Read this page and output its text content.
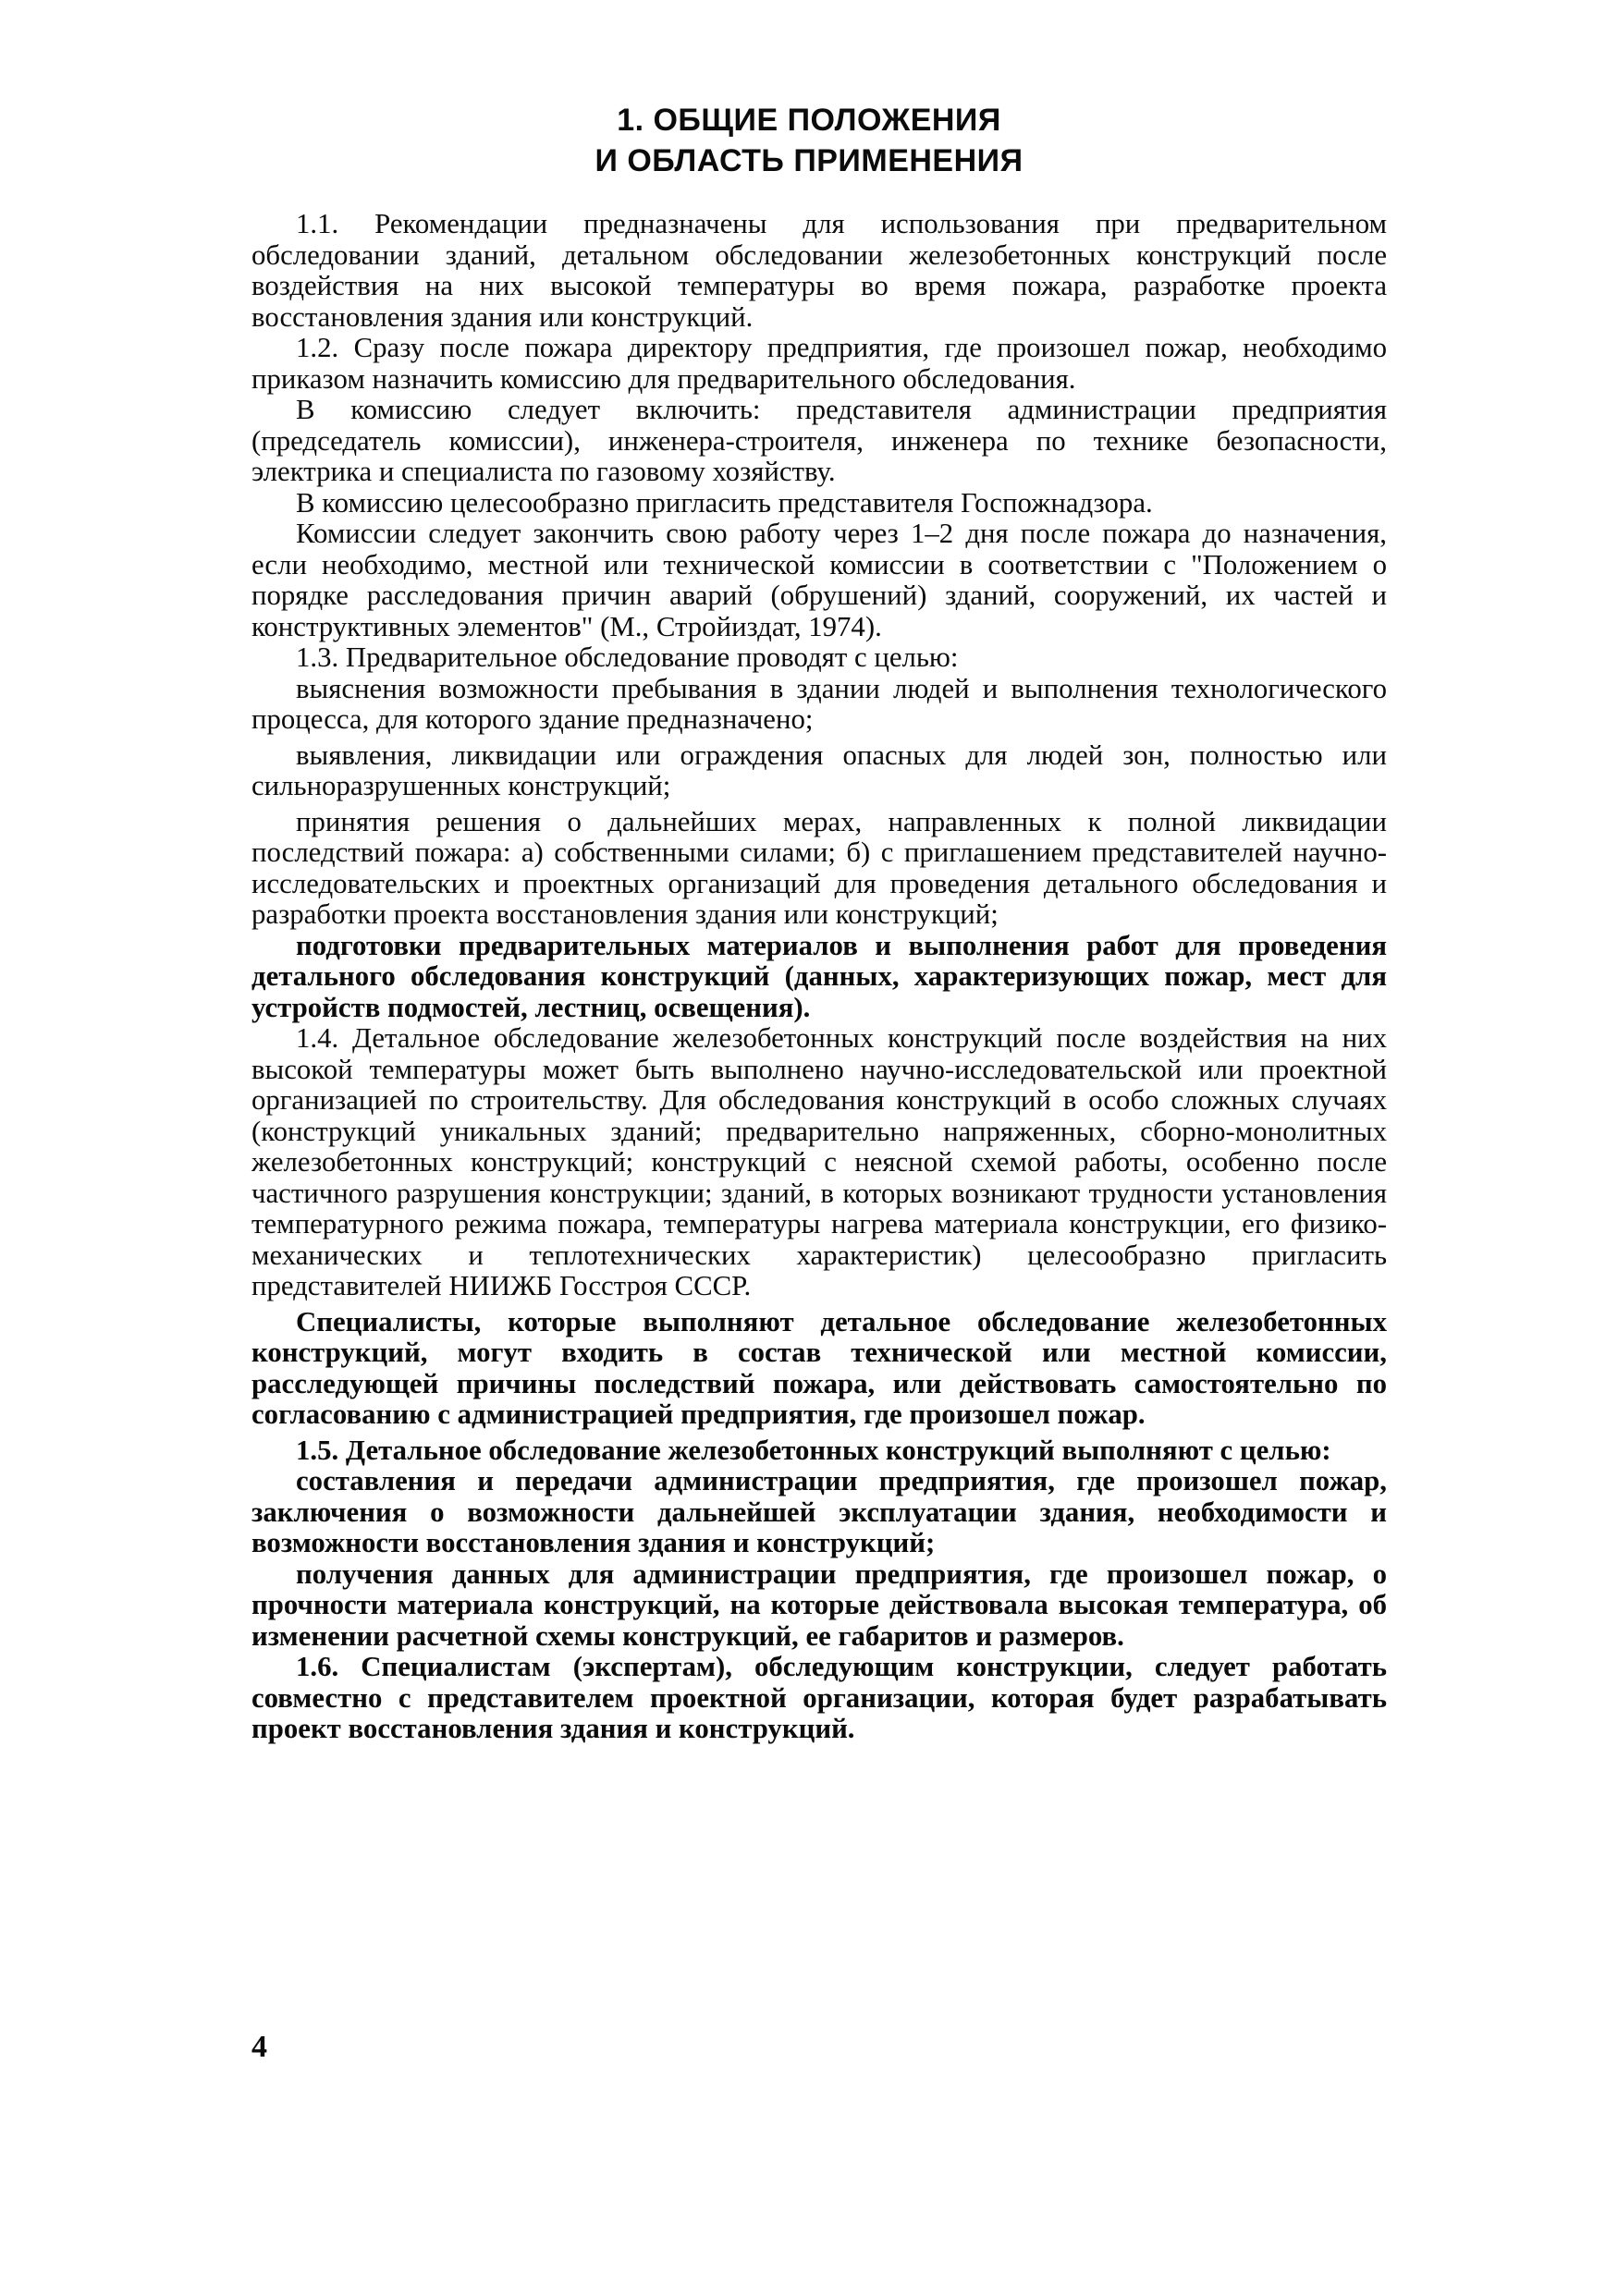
1. ОБЩИЕ ПОЛОЖЕНИЯ
И ОБЛАСТЬ ПРИМЕНЕНИЯ

1.1. Рекомендации предназначены для использования при предварительном обследовании зданий, детальном обследовании железобетонных конструкций после воздействия на них высокой температуры во время пожара, разработке проекта восстановления здания или конструкций.

1.2. Сразу после пожара директору предприятия, где произошел пожар, необходимо приказом назначить комиссию для предварительного обследования.

В комиссию следует включить: представителя администрации предприятия (председатель комиссии), инженера-строителя, инженера по технике безопасности, электрика и специалиста по газовому хозяйству.

В комиссию целесообразно пригласить представителя Госпожнадзора.

Комиссии следует закончить свою работу через 1–2 дня после пожара до назначения, если необходимо, местной или технической комиссии в соответствии с "Положением о порядке расследования причин аварий (обрушений) зданий, сооружений, их частей и конструктивных элементов" (М., Стройиздат, 1974).

1.3. Предварительное обследование проводят с целью:

выяснения возможности пребывания в здании людей и выполнения технологического процесса, для которого здание предназначено;

выявления, ликвидации или ограждения опасных для людей зон, полностью или сильноразрушенных конструкций;

принятия решения о дальнейших мерах, направленных к полной ликвидации последствий пожара: а) собственными силами; б) с приглашением представителей научно-исследовательских и проектных организаций для проведения детального обследования и разработки проекта восстановления здания или конструкций;

подготовки предварительных материалов и выполнения работ для проведения детального обследования конструкций (данных, характеризующих пожар, мест для устройств подмостей, лестниц, освещения).

1.4. Детальное обследование железобетонных конструкций после воздействия на них высокой температуры может быть выполнено научно-исследовательской или проектной организацией по строительству. Для обследования конструкций в особо сложных случаях (конструкций уникальных зданий; предварительно напряженных, сборно-монолитных железобетонных конструкций; конструкций с неясной схемой работы, особенно после частичного разрушения конструкции; зданий, в которых возникают трудности установления температурного режима пожара, температуры нагрева материала конструкции, его физико-механических и теплотехнических характеристик) целесообразно пригласить представителей НИИЖБ Госстроя СССР.

Специалисты, которые выполняют детальное обследование железобетонных конструкций, могут входить в состав технической или местной комиссии, расследующей причины последствий пожара, или действовать самостоятельно по согласованию с администрацией предприятия, где произошел пожар.

1.5. Детальное обследование железобетонных конструкций выполняют с целью:

составления и передачи администрации предприятия, где произошел пожар, заключения о возможности дальнейшей эксплуатации здания, необходимости и возможности восстановления здания и конструкций;

получения данных для администрации предприятия, где произошел пожар, о прочности материала конструкций, на которые действовала высокая температура, об изменении расчетной схемы конструкций, ее габаритов и размеров.

1.6. Специалистам (экспертам), обследующим конструкции, следует работать совместно с представителем проектной организации, которая будет разрабатывать проект восстановления здания и конструкций.

4
